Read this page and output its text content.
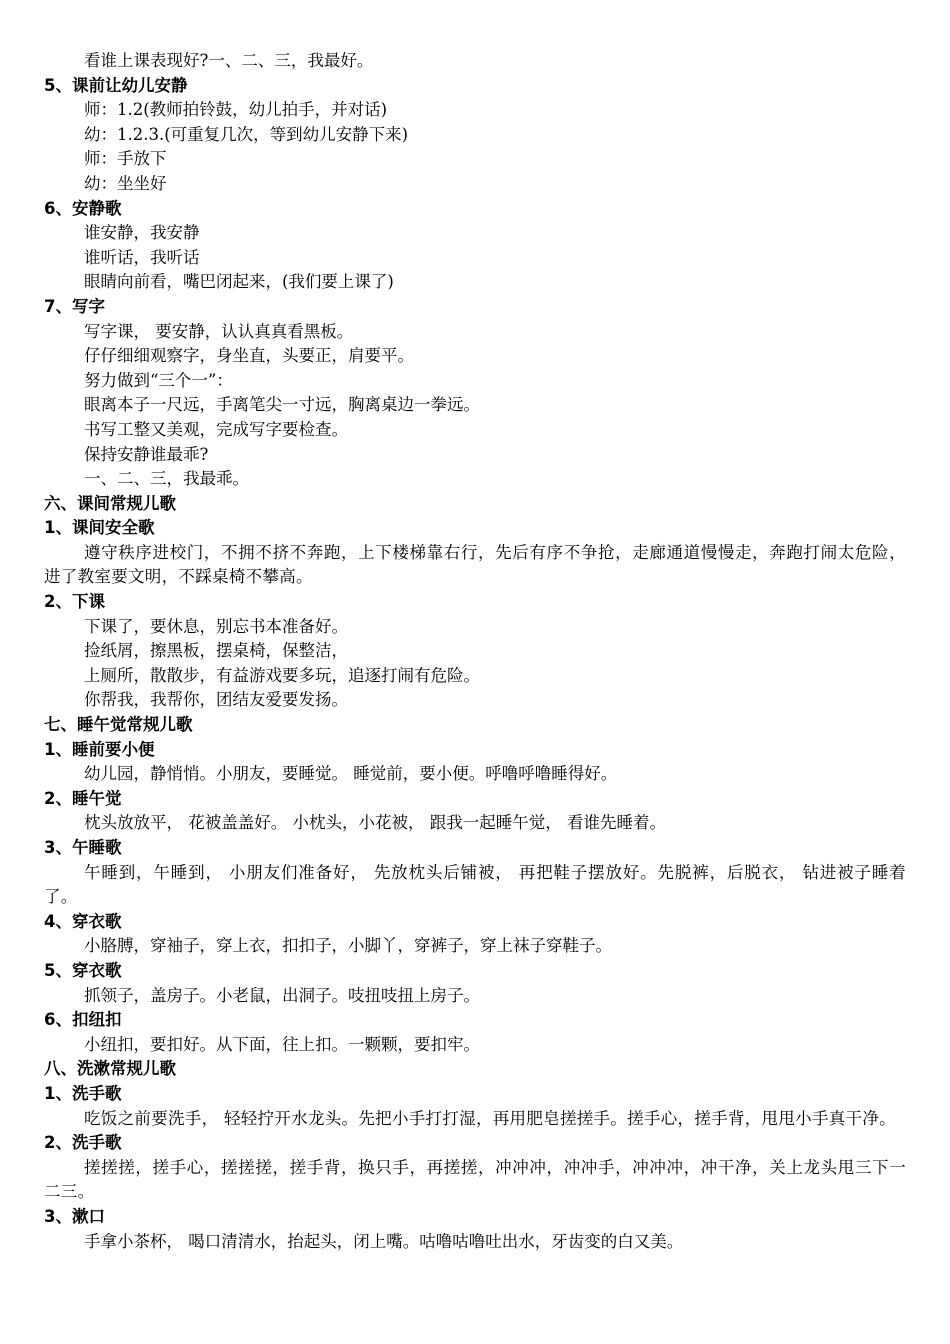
看谁上课表现好?一、二、三，我最好。
5、课前让幼儿安静
师：1.2(教师拍铃鼓，幼儿拍手，并对话)
幼：1.2.3.(可重复几次，等到幼儿安静下来)
师：手放下
幼：坐坐好
6、安静歌
谁安静，我安静
谁听话，我听话
眼睛向前看，嘴巴闭起来，(我们要上课了)
7、写字
写字课， 要安静，认认真真看黑板。
仔仔细细观察字，身坐直，头要正，肩要平。
努力做到“三个一”：
眼离本子一尺远，手离笔尖一寸远，胸离桌边一拳远。
书写工整又美观，完成写字要检查。
保持安静谁最乖?
一、二、三，我最乖。
六、课间常规儿歌
1、课间安全歌
遵守秩序进校门，不拥不挤不奔跑，上下楼梯靠右行，先后有序不争抢，走廊通道慢慢走，奔跑打闹太危险，进了教室要文明，不踩桌椅不攀高。
2、下课
下课了，要休息，别忘书本准备好。
捡纸屑，擦黑板，摆桌椅，保整洁，
上厕所，散散步，有益游戏要多玩，追逐打闹有危险。
你帮我，我帮你，团结友爱要发扬。
七、睡午觉常规儿歌
1、睡前要小便
幼儿园，静悄悄。小朋友，要睡觉。 睡觉前，要小便。呼噜呼噜睡得好。
2、睡午觉
枕头放放平， 花被盖盖好。 小枕头，小花被， 跟我一起睡午觉， 看谁先睡着。
3、午睡歌
午睡到，午睡到， 小朋友们准备好， 先放枕头后铺被， 再把鞋子摆放好。先脱裤，后脱衣， 钻进被子睡着了。
4、穿衣歌
小胳膊，穿袖子，穿上衣，扣扣子，小脚丫，穿裤子，穿上袜子穿鞋子。
5、穿衣歌
抓领子，盖房子。小老鼠，出洞子。吱扭吱扭上房子。
6、扣纽扣
小纽扣，要扣好。从下面，往上扣。一颗颗，要扣牢。
八、洗漱常规儿歌
1、洗手歌
吃饭之前要洗手， 轻轻拧开水龙头。先把小手打打湿，再用肥皂搓搓手。搓手心，搓手背，甩甩小手真干净。
2、洗手歌
搓搓搓，搓手心，搓搓搓，搓手背，换只手，再搓搓，冲冲冲，冲冲手，冲冲冲，冲干净，关上龙头甩三下一二三。
3、漱口
手拿小茶杯， 喝口清清水，抬起头，闭上嘴。咕噜咕噜吐出水，牙齿变的白又美。
